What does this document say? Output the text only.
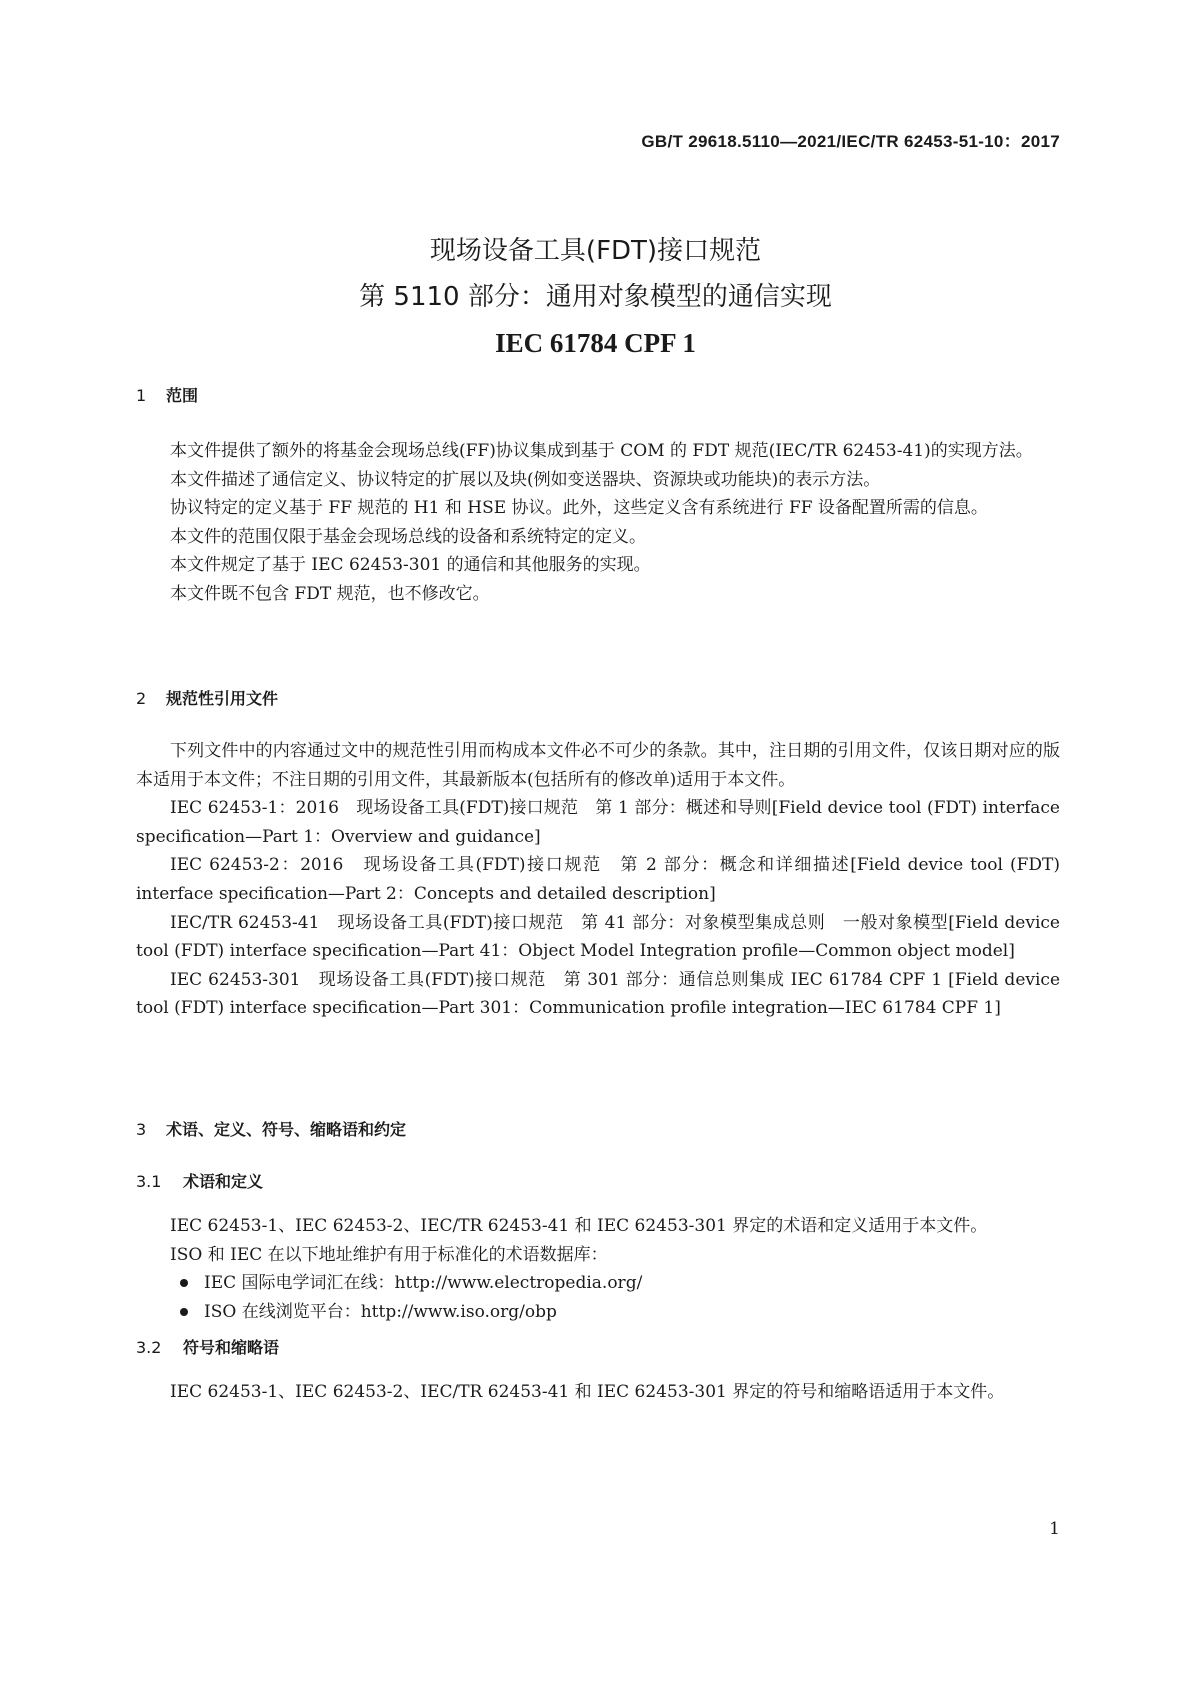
GB/T 29618.5110—2021/IEC/TR 62453-51-10：2017
现场设备工具(FDT)接口规范
第 5110 部分：通用对象模型的通信实现
IEC 61784 CPF 1
1 范围

本文件提供了额外的将基金会现场总线(FF)协议集成到基于 COM 的 FDT 规范(IEC/TR 62453-41)的实现方法。

本文件描述了通信定义、协议特定的扩展以及块(例如变送器块、资源块或功能块)的表示方法。

协议特定的定义基于 FF 规范的 H1 和 HSE 协议。此外，这些定义含有系统进行 FF 设备配置所需的信息。

本文件的范围仅限于基金会现场总线的设备和系统特定的定义。

本文件规定了基于 IEC 62453-301 的通信和其他服务的实现。

本文件既不包含 FDT 规范，也不修改它。

2 规范性引用文件

下列文件中的内容通过文中的规范性引用而构成本文件必不可少的条款。其中，注日期的引用文件，仅该日期对应的版本适用于本文件；不注日期的引用文件，其最新版本(包括所有的修改单)适用于本文件。

IEC 62453-1：2016　现场设备工具(FDT)接口规范　第 1 部分：概述和导则[Field device tool (FDT) interface specification—Part 1：Overview and guidance]

IEC 62453-2：2016　现场设备工具(FDT)接口规范　第 2 部分：概念和详细描述[Field device tool (FDT) interface specification—Part 2：Concepts and detailed description]

IEC/TR 62453-41　现场设备工具(FDT)接口规范　第 41 部分：对象模型集成总则　一般对象模型[Field device tool (FDT) interface specification—Part 41：Object Model Integration profile—Common object model]

IEC 62453-301　现场设备工具(FDT)接口规范　第 301 部分：通信总则集成 IEC 61784 CPF 1 [Field device tool (FDT) interface specification—Part 301：Communication profile integration—IEC 61784 CPF 1]

3 术语、定义、符号、缩略语和约定
3.1 术语和定义

IEC 62453-1、IEC 62453-2、IEC/TR 62453-41 和 IEC 62453-301 界定的术语和定义适用于本文件。

ISO 和 IEC 在以下地址维护有用于标准化的术语数据库：

IEC 国际电学词汇在线：http://www.electropedia.org/
ISO 在线浏览平台：http://www.iso.org/obp
3.2 符号和缩略语

IEC 62453-1、IEC 62453-2、IEC/TR 62453-41 和 IEC 62453-301 界定的符号和缩略语适用于本文件。

1
